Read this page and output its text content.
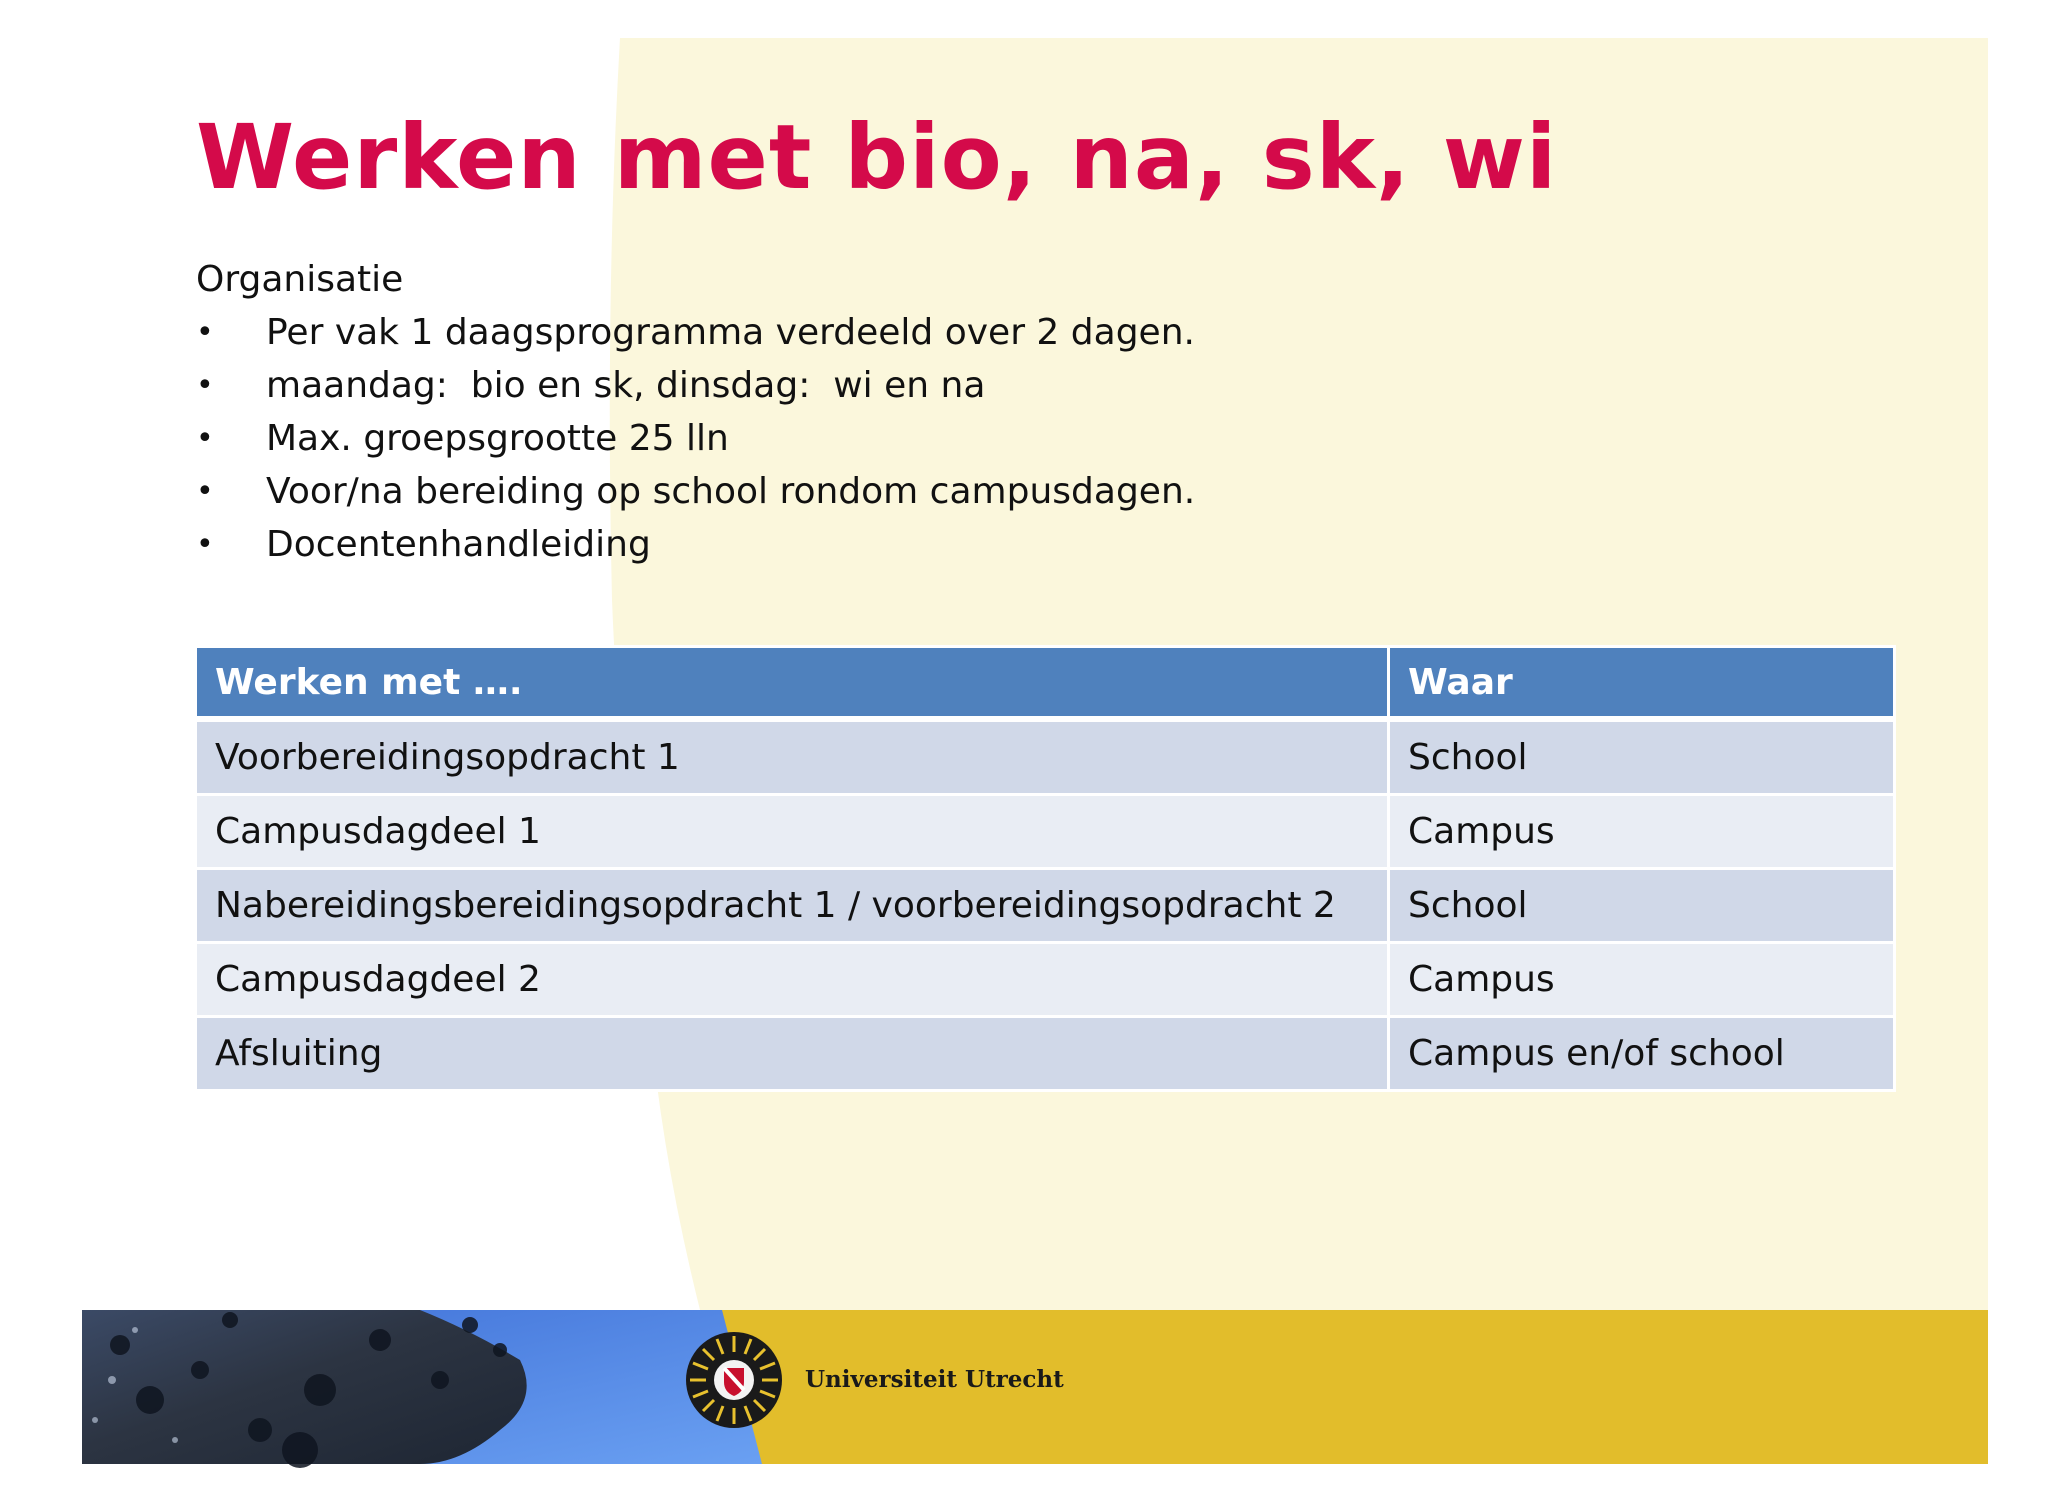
Werken met bio, na, sk, wi
Organisatie
• Per vak 1 daagsprogramma verdeeld over 2 dagen.
• maandag:  bio en sk, dinsdag:  wi en na
• Max. groepsgrootte 25 lln
• Voor/na bereiding op school rondom campusdagen.
• Docentenhandleiding
Werken met ….	Waar
Voorbereidingsopdracht 1	School
Campusdagdeel 1	Campus
Nabereidingsbereidingsopdracht 1 / voorbereidingsopdracht 2	School
Campusdagdeel 2	Campus
Afsluiting	Campus en/of school
Universiteit Utrecht
